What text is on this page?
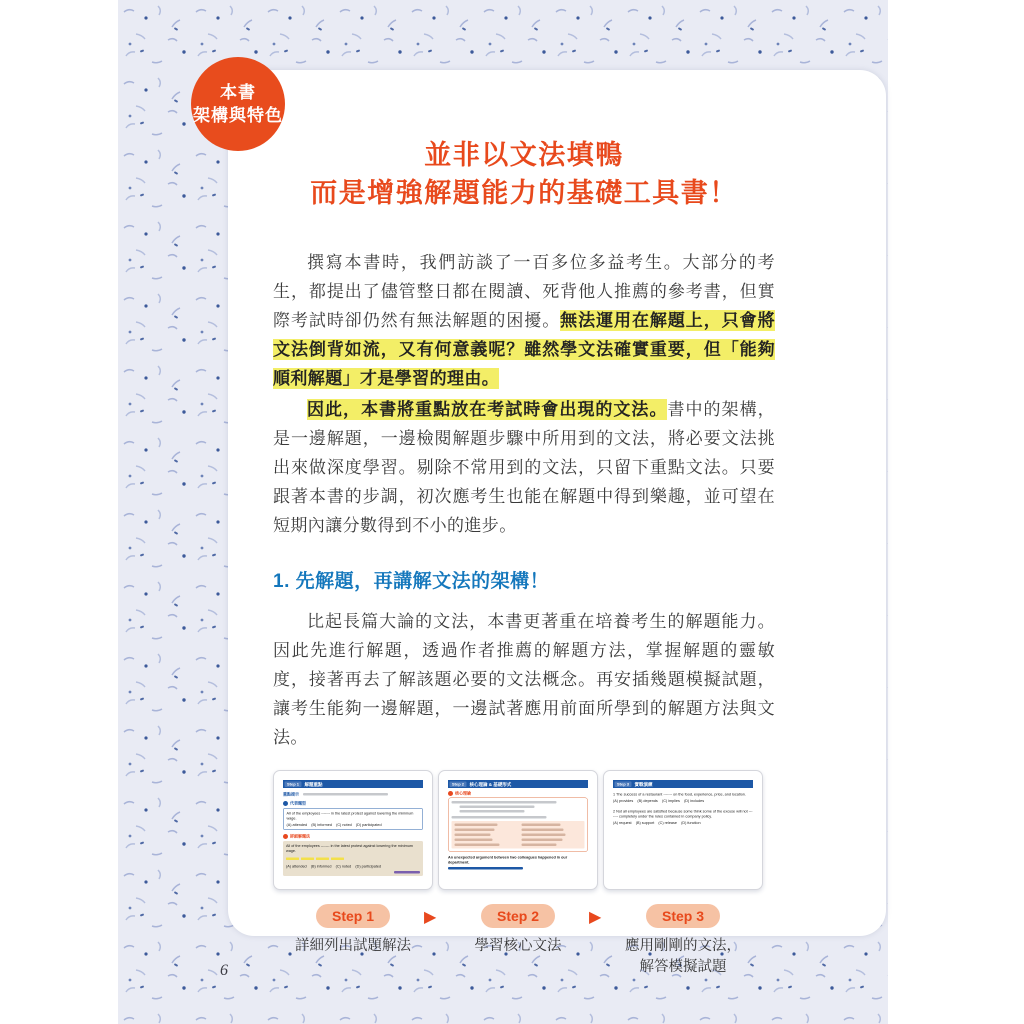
並非以文法填鴨
而是增強解題能力的基礎工具書！

撰寫本書時，我們訪談了一百多位多益考生。大部分的考生，都提出了儘管整日都在閱讀、死背他人推薦的參考書，但實際考試時卻仍然有無法解題的困擾。無法運用在解題上，只會將文法倒背如流，又有何意義呢？雖然學文法確實重要，但「能夠順利解題」才是學習的理由。

因此，本書將重點放在考試時會出現的文法。書中的架構，是一邊解題，一邊檢閱解題步驟中所用到的文法，將必要文法挑出來做深度學習。剔除不常用到的文法，只留下重點文法。只要跟著本書的步調，初次應考生也能在解題中得到樂趣，並可望在短期內讓分數得到不小的進步。

1. 先解題，再講解文法的架構！

比起長篇大論的文法，本書更著重在培養考生的解題能力。因此先進行解題，透過作者推薦的解題方法，掌握解題的靈敏度，接著再去了解該題必要的文法概念。再安插幾題模擬試題，讓考生能夠一邊解題，一邊試著應用前面所學到的解題方法與文法。

Step 1 解題重點
重點提示
代表題型
All of the employees ------- in the latest protest against lowering the minimum wage.
(A) attended    (B) informed    (C) noted    (D) participated
詳細解題法
All of the employees ------- in the latest protest against lowering the minimum wage.
(A) attended    (B) informed    (C) noted    (D) participated
Step 2 核心理論 & 基礎形式
核心理論
An unexpected argument between two colleagues happened in our department.
Step 3 實戰演練
1 The success of a restaurant ------- on the food, experience, price, and location.
(A) provides    (B) depends    (C) implies    (D) includes
2 Not all employees are satisfied because some think some of the excuse will not ------- completely under the rules contained in company policy.
(A) request    (B) support    (C) release    (D) function
Step 1
詳細列出試題解法
▶	Step 2
學習核心文法
▶	Step 3
應用剛剛的文法，
解答模擬試題
本書
架構與特色
6
